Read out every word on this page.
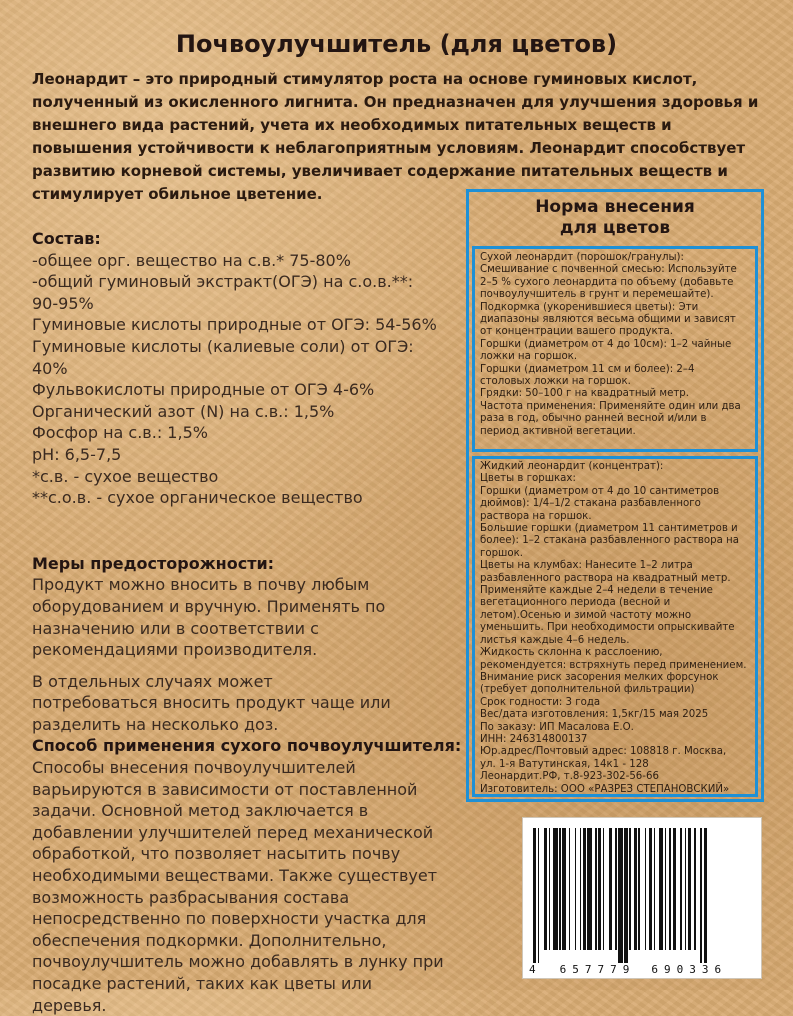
Почвоулучшитель (для цветов)
Леонардит – это природный стимулятор роста на основе гуминовых кислот, полученный из окисленного лигнита. Он предназначен для улучшения здоровья и внешнего вида растений, учета их необходимых питательных веществ и повышения устойчивости к неблагоприятным условиям. Леонардит способствует развитию корневой системы, увеличивает содержание питательных веществ и стимулирует обильное цветение.
Состав:
-общее орг. вещество на с.в.* 75-80%
-общий гуминовый экстракт(ОГЭ) на с.о.в.**:
90-95%
Гуминовые кислоты природные от ОГЭ: 54-56%
Гуминовые кислоты (калиевые соли) от ОГЭ:
40%
Фульвокислоты природные от ОГЭ 4-6%
Органический азот (N) на с.в.: 1,5%
Фосфор на с.в.: 1,5%
pH: 6,5-7,5
*с.в. - сухое вещество
**с.о.в. - сухое органическое вещество
Меры предосторожности:
Продукт можно вносить в почву любым оборудованием и вручную. Применять по назначению или в соответствии с рекомендациями производителя.
В отдельных случаях может потребоваться вносить продукт чаще или разделить на несколько доз.
Способ применения сухого почвоулучшителя:
Способы внесения почвоулучшителей варьируются в зависимости от поставленной задачи. Основной метод заключается в добавлении улучшителей перед механической обработкой, что позволяет насытить почву необходимыми веществами. Также существует возможность разбрасывания состава непосредственно по поверхности участка для обеспечения подкормки. Дополнительно, почвоулучшитель можно добавлять в лунку при посадке растений, таких как цветы или деревья.
Норма внесения
для цветов
Сухой леонардит (порошок/гранулы):
Смешивание с почвенной смесью: Используйте
2–5 % сухого леонардита по объему (добавьте
почвоулучшитель в грунт и перемешайте).
Подкормка (укоренившиеся цветы): Эти
диапазоны являются весьма общими и зависят
от концентрации вашего продукта.
Горшки (диаметром от 4 до 10см): 1–2 чайные
ложки на горшок.
Горшки (диаметром 11 см и более): 2–4
столовых ложки на горшок.
Грядки: 50–100 г на квадратный метр.
Частота применения: Применяйте один или два
раза в год, обычно ранней весной и/или в
период активной вегетации.
Жидкий леонардит (концентрат):
Цветы в горшках:
Горшки (диаметром от 4 до 10 сантиметров
дюймов): 1/4–1/2 стакана разбавленного
раствора на горшок.
Большие горшки (диаметром 11 сантиметров и
более): 1–2 стакана разбавленного раствора на
горшок.
Цветы на клумбах: Нанесите 1–2 литра
разбавленного раствора на квадратный метр.
Применяйте каждые 2–4 недели в течение
вегетационного периода (весной и
летом).Осенью и зимой частоту можно
уменьшить. При необходимости опрыскивайте
листья каждые 4–6 недель.
Жидкость склонна к расслоению,
рекомендуется: встряхнуть перед применением.
Внимание риск засорения мелких форсунок
(требует дополнительной фильтрации)
Срок годности: 3 года
Вес/дата изготовления: 1,5кг/15 мая 2025
По заказу: ИП Масалова Е.О.
ИНН: 246314800137
Юр.адрес/Почтовый адрес: 108818 г. Москва,
ул. 1-я Ватутинская, 14к1 - 128
Леонардит.РФ, т.8-923-302-56-66
Изготовитель: ООО «РАЗРЕЗ СТЕПАНОВСКИЙ»
4 657779 690336
